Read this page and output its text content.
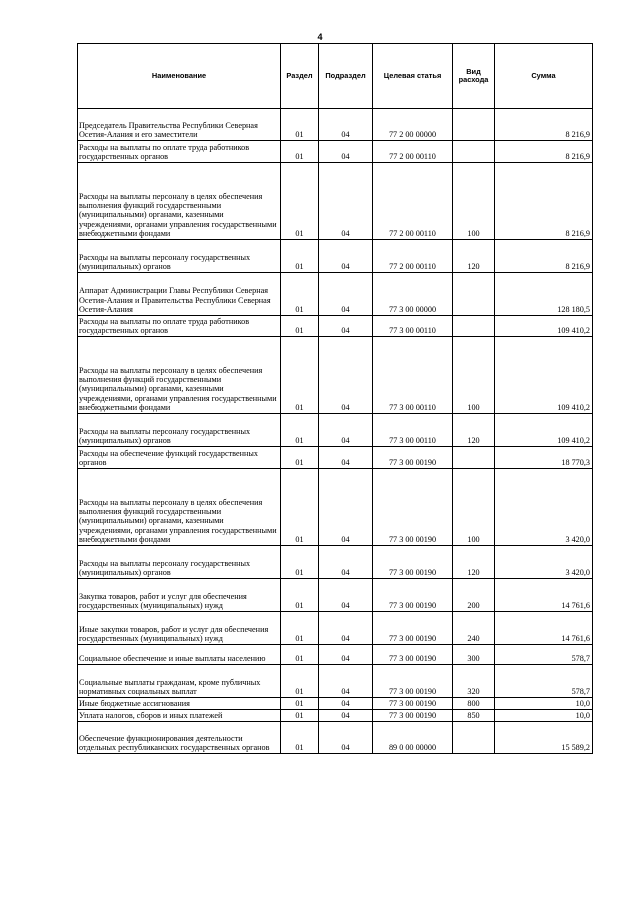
4
Наименование	Раздел	Подраздел	Целевая статья	Вид расхода	Сумма
Председатель Правительства Республики Северная Осетия-Алания и его заместители	01	04	77 2 00 00000		8 216,9
Расходы на выплаты по оплате труда работников государственных органов	01	04	77 2 00 00110		8 216,9
Расходы на выплаты персоналу в целях обеспечения выполнения функций государственными (муниципальными) органами, казенными учреждениями, органами управления государственными внебюджетными фондами	01	04	77 2 00 00110	100	8 216,9
Расходы на выплаты персоналу государственных (муниципальных) органов	01	04	77 2 00 00110	120	8 216,9
Аппарат Администрации Главы Республики Северная Осетия-Алания и Правительства Республики Северная Осетия-Алания	01	04	77 3 00 00000		128 180,5
Расходы на выплаты по оплате труда работников государственных органов	01	04	77 3 00 00110		109 410,2
Расходы на выплаты персоналу в целях обеспечения выполнения функций государственными (муниципальными) органами, казенными учреждениями, органами управления государственными внебюджетными фондами	01	04	77 3 00 00110	100	109 410,2
Расходы на выплаты персоналу государственных (муниципальных) органов	01	04	77 3 00 00110	120	109 410,2
Расходы на обеспечение функций государственных органов	01	04	77 3 00 00190		18 770,3
Расходы на выплаты персоналу в целях обеспечения выполнения функций государственными (муниципальными) органами, казенными учреждениями, органами управления государственными внебюджетными фондами	01	04	77 3 00 00190	100	3 420,0
Расходы на выплаты персоналу государственных (муниципальных) органов	01	04	77 3 00 00190	120	3 420,0
Закупка товаров, работ и услуг для обеспечения государственных (муниципальных) нужд	01	04	77 3 00 00190	200	14 761,6
Иные закупки товаров, работ и услуг для обеспечения государственных (муниципальных) нужд	01	04	77 3 00 00190	240	14 761,6
Социальное обеспечение и иные выплаты населению	01	04	77 3 00 00190	300	578,7
Социальные выплаты гражданам, кроме публичных нормативных социальных выплат	01	04	77 3 00 00190	320	578,7
Иные бюджетные ассигнования	01	04	77 3 00 00190	800	10,0
Уплата налогов, сборов и иных платежей	01	04	77 3 00 00190	850	10,0
Обеспечение функционирования деятельности отдельных республиканских государственных органов	01	04	89 0 00 00000		15 589,2
